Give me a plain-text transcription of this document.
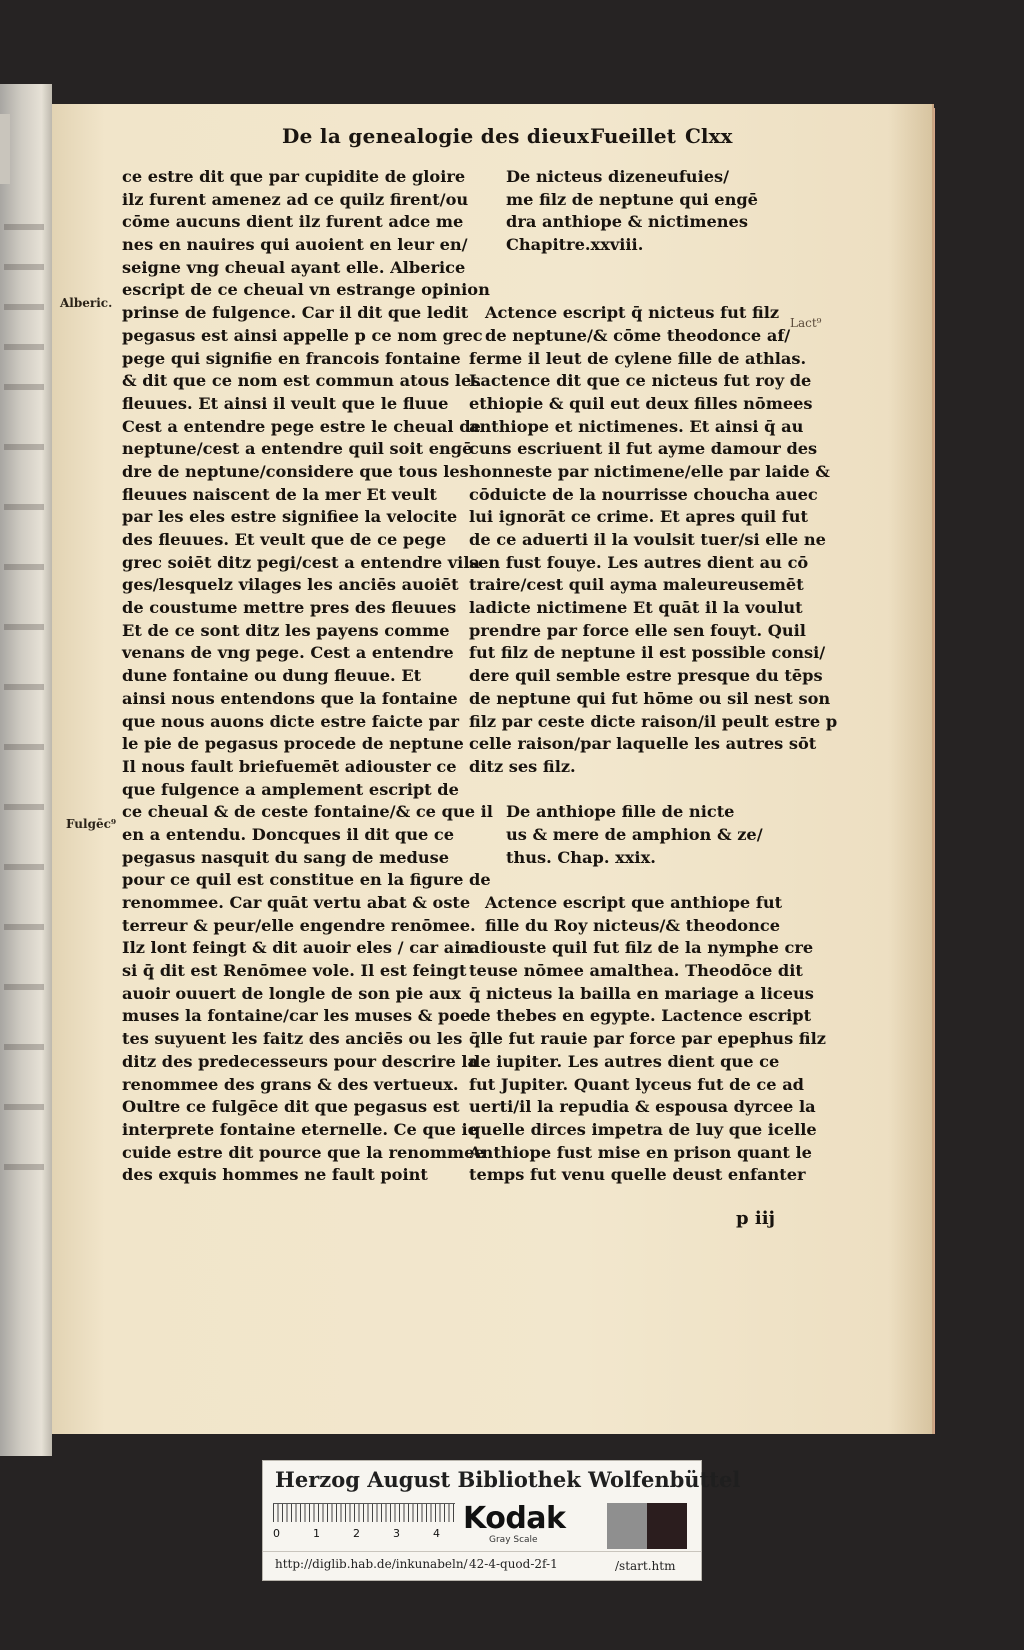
De la genealogie des dieux Fueillet Clxx
Alberic.
Fulgēc⁹
Lact⁹
ce estre dit que par cupidite de gloire
ilz furent amenez ad ce quilz firent/ou
cōme aucuns dient ilz furent adce me
nes en nauires qui auoient en leur en/
seigne vng cheual ayant elle. Alberice
escript de ce cheual vn estrange opinion
prinse de fulgence. Car il dit que ledit
pegasus est ainsi appelle p ce nom grec
pege qui signifie en francois fontaine
& dit que ce nom est commun atous les
fleuues. Et ainsi il veult que le fluue
Cest a entendre pege estre le cheual de
neptune/cest a entendre quil soit engē
dre de neptune/considere que tous les
fleuues naiscent de la mer Et veult
par les eles estre signifiee la velocite
des fleuues. Et veult que de ce pege
grec soiēt ditz pegi/cest a entendre vila
ges/lesquelz vilages les anciēs auoiēt
de coustume mettre pres des fleuues
Et de ce sont ditz les payens comme
venans de vng pege. Cest a entendre
dune fontaine ou dung fleuue. Et
ainsi nous entendons que la fontaine
que nous auons dicte estre faicte par
le pie de pegasus procede de neptune
Il nous fault briefuemēt adiouster ce
que fulgence a amplement escript de
ce cheual & de ceste fontaine/& ce que il
en a entendu. Doncques il dit que ce
pegasus nasquit du sang de meduse
pour ce quil est constitue en la figure de
renommee. Car quāt vertu abat & oste
terreur & peur/elle engendre renōmee.
Ilz lont feingt & dit auoir eles / car ain
si q̄ dit est Renōmee vole. Il est feingt
auoir ouuert de longle de son pie aux
muses la fontaine/car les muses & poe
tes suyuent les faitz des anciēs ou les
ditz des predecesseurs pour descrire la
renommee des grans & des vertueux.
Oultre ce fulgēce dit que pegasus est
interprete fontaine eternelle. Ce que ie
cuide estre dit pource que la renommee
des exquis hommes ne fault point
De nicteus dizeneufuies/
me filz de neptune qui engē
dra anthiope & nictimenes
Chapitre.xxviii.
Actence escript q̄ nicteus fut filz
de neptune/& cōme theodonce af/
ferme il leut de cylene fille de athlas.
Lactence dit que ce nicteus fut roy de
ethiopie & quil eut deux filles nōmees
anthiope et nictimenes. Et ainsi q̄ au
cuns escriuent il fut ayme damour des
honneste par nictimene/elle par laide &
cōduicte de la nourrisse choucha auec
lui ignorāt ce crime. Et apres quil fut
de ce aduerti il la voulsit tuer/si elle ne
sen fust fouye. Les autres dient au cō
traire/cest quil ayma maleureusemēt
ladicte nictimene Et quāt il la voulut
prendre par force elle sen fouyt. Quil
fut filz de neptune il est possible consi/
dere quil semble estre presque du tēps
de neptune qui fut hōme ou sil nest son
filz par ceste dicte raison/il peult estre p
celle raison/par laquelle les autres sōt
ditz ses filz.
De anthiope fille de nicte
us & mere de amphion & ze/
thus. Chap. xxix.
Actence escript que anthiope fut
fille du Roy nicteus/& theodonce
adiouste quil fut filz de la nymphe cre
teuse nōmee amalthea. Theodōce dit
q̄ nicteus la bailla en mariage a liceus
de thebes en egypte. Lactence escript
q̄lle fut rauie par force par epephus filz
de iupiter. Les autres dient que ce
fut Jupiter. Quant lyceus fut de ce ad
uerti/il la repudia & espousa dyrcee la
quelle dirces impetra de luy que icelle
Anthiope fust mise en prison quant le
temps fut venu quelle deust enfanter
p iij
Herzog August Bibliothek Wolfenbüttel
0	1	2	3	4 Kodak
Gray Scale
http://diglib.hab.de/inkunabeln/ 42-4-quod-2f-1	/start.htm
